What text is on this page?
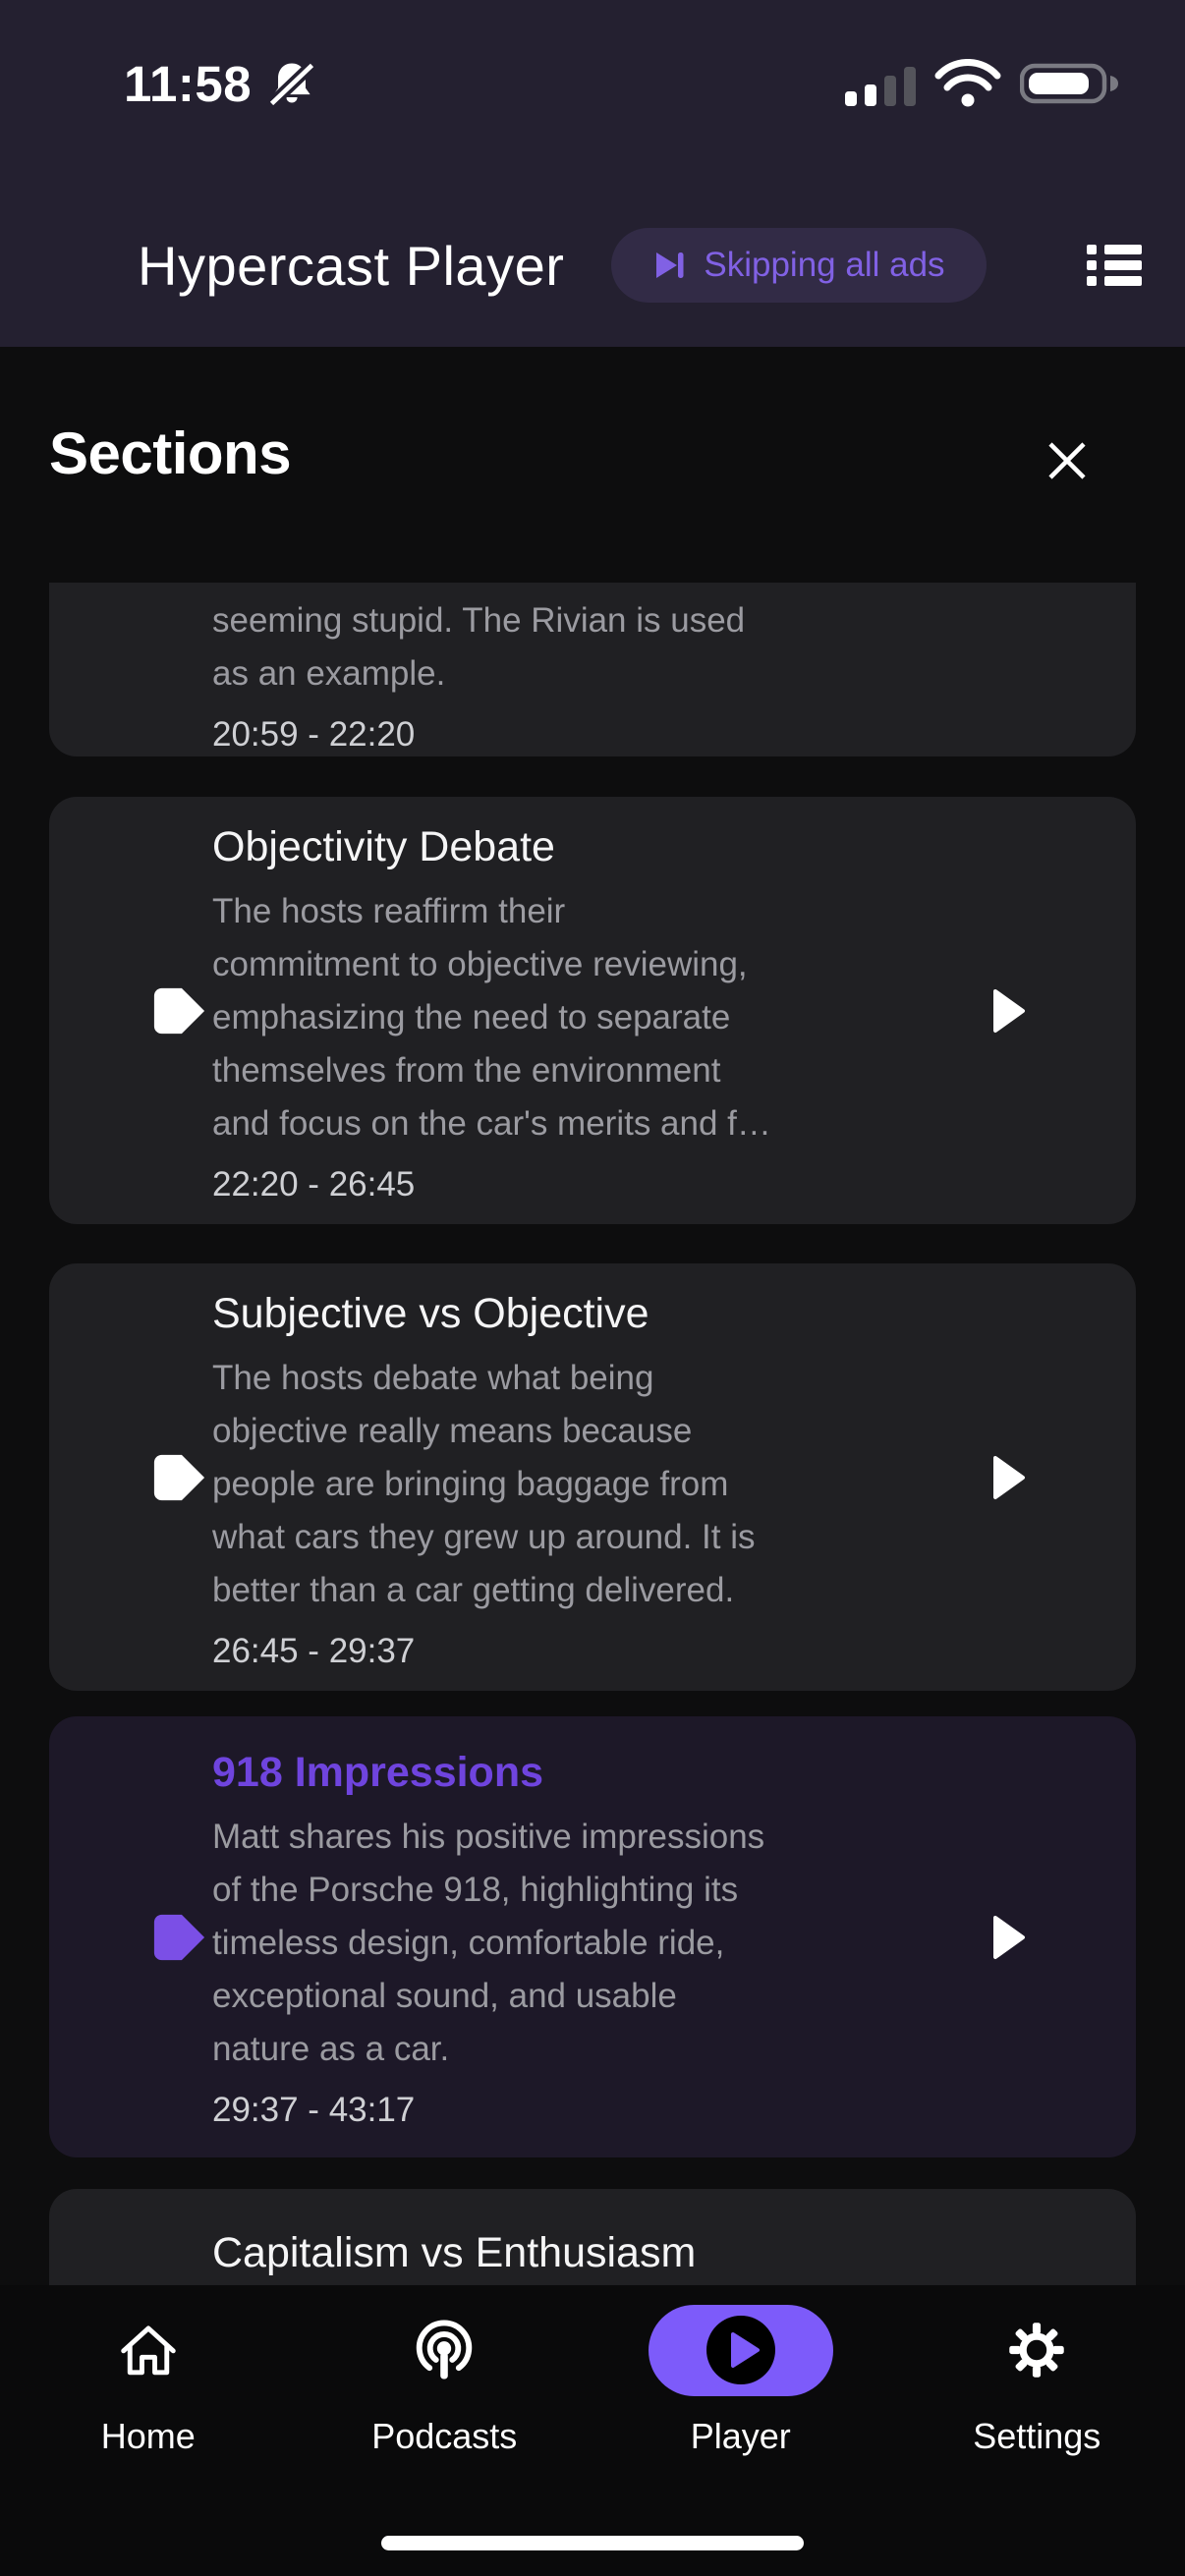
11:58
Hypercast Player	Skipping all ads
Sections

seeming stupid. The Rivian is used

as an example.

20:59 - 22:20

Objectivity Debate

The hosts reaffirm their

commitment to objective reviewing,

emphasizing the need to separate

themselves from the environment

and focus on the car's merits and f…

22:20 - 26:45

Subjective vs Objective

The hosts debate what being

objective really means because

people are bringing baggage from

what cars they grew up around. It is

better than a car getting delivered.

26:45 - 29:37

918 Impressions

Matt shares his positive impressions

of the Porsche 918, highlighting its

timeless design, comfortable ride,

exceptional sound, and usable

nature as a car.

29:37 - 43:17

Capitalism vs Enthusiasm
Home	Podcasts	Player	Settings
